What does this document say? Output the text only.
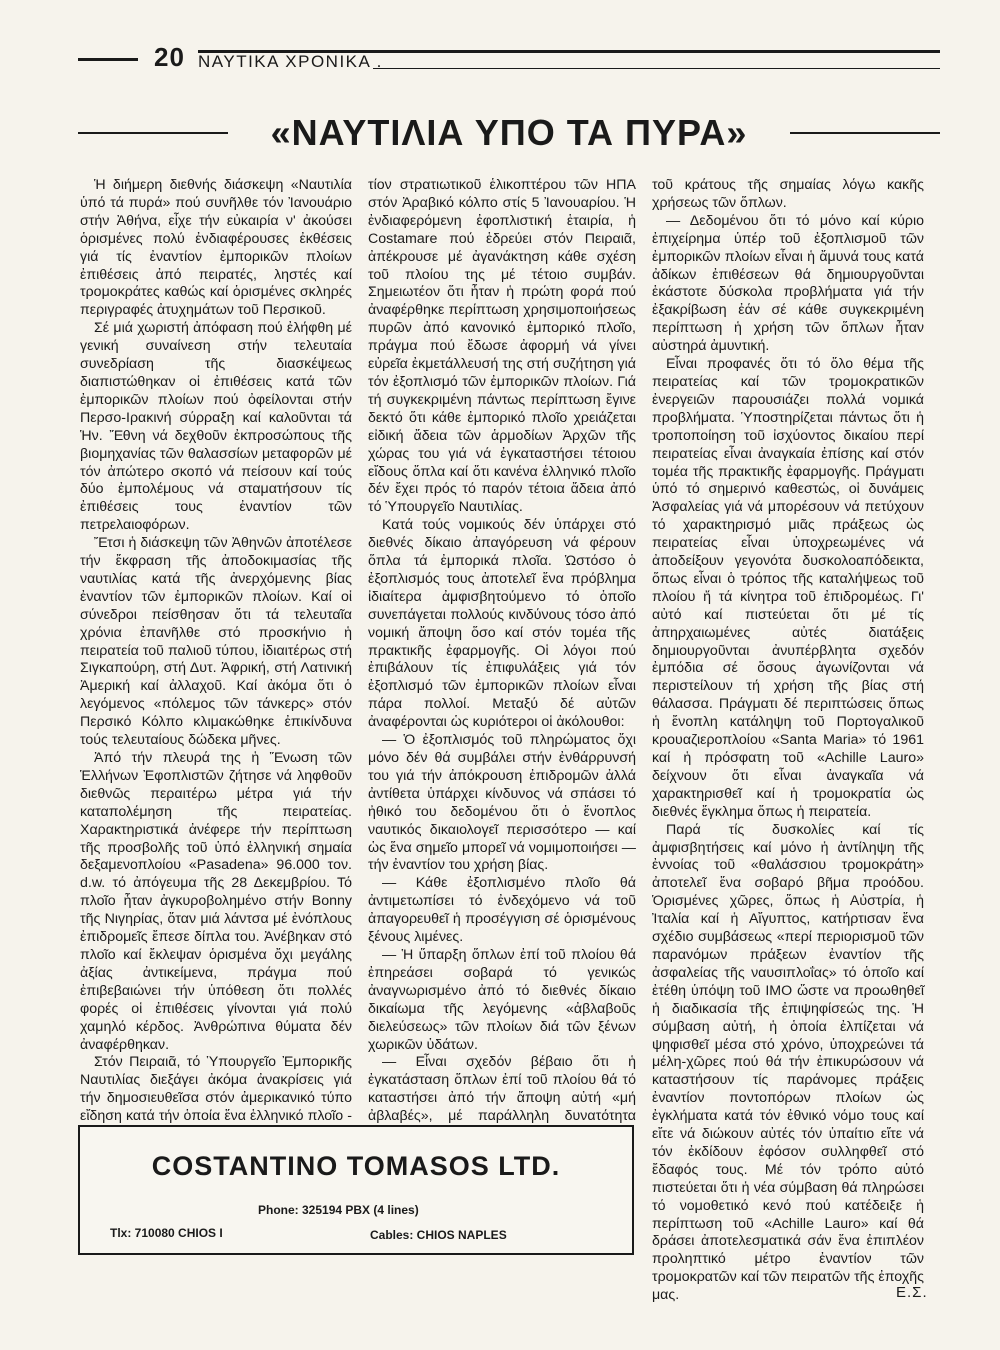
20 ΝΑΥΤΙΚΑ ΧΡΟΝΙΚΑ .
«ΝΑΥΤΙΛΙΑ ΥΠΟ ΤΑ ΠΥΡΑ»

Ἡ διήμερη διεθνής διάσκεψη «Ναυτιλία ὑπό τά πυρά» πού συνῆλθε τόν Ἰανουάριο στήν Ἀθήνα, εἶχε τήν εὐκαιρία ν' ἀκούσει ὁρισμένες πολύ ἐνδιαφέρουσες ἐκθέσεις γιά τίς ἐναντίον ἐμπορικῶν πλοίων ἐπιθέσεις ἀπό πειρατές, ληστές καί τρομοκράτες καθώς καί ὁρισμένες σκληρές περιγραφές ἀτυχημάτων τοῦ Περσικοῦ.

Σέ μιά χωριστή ἀπόφαση πού ἐλήφθη μέ γενική συναίνεση στήν τελευταία συνεδρίαση τῆς διασκέψεως διαπιστώθηκαν οἱ ἐπιθέσεις κατά τῶν ἐμπορικῶν πλοίων πού ὀφείλονται στήν Περσο-Ιρακινή σύρραξη καί καλοῦνται τά Ἡν. Ἔθνη νά δεχθοῦν ἐκπροσώπους τῆς βιομηχανίας τῶν θαλασσίων μεταφορῶν μέ τόν ἀπώτερο σκοπό νά πείσουν καί τούς δύο ἐμπολέμους νά σταματήσουν τίς ἐπιθέσεις τους ἐναντίον τῶν πετρελαιοφόρων.

Ἔτσι ἡ διάσκεψη τῶν Ἀθηνῶν ἀποτέλεσε τήν ἔκφραση τῆς ἀποδοκιμασίας τῆς ναυτιλίας κατά τῆς ἀνερχόμενης βίας ἐναντίον τῶν ἐμπορικῶν πλοίων. Καί οἱ σύνεδροι πείσθησαν ὅτι τά τελευταῖα χρόνια ἐπανῆλθε στό προσκήνιο ἡ πειρατεία τοῦ παλιοῦ τύπου, ἰδιαιτέρως στή Σιγκαπούρη, στή Δυτ. Ἀφρική, στή Λατινική Ἀμερική καί ἀλλαχοῦ. Καί ἀκόμα ὅτι ὁ λεγόμενος «πόλεμος τῶν τάνκερς» στόν Περσικό Κόλπο κλιμακώθηκε ἐπικίνδυνα τούς τελευταίους δώδεκα μῆνες.

Ἀπό τήν πλευρά της ἡ Ἕνωση τῶν Ἑλλήνων Ἐφοπλιστῶν ζήτησε νά ληφθοῦν διεθνῶς περαιτέρω μέτρα γιά τήν καταπολέμηση τῆς πειρατείας. Χαρακτηριστικά ἀνέφερε τήν περίπτωση τῆς προσβολῆς τοῦ ὑπό ἑλληνική σημαία δεξαμενοπλοίου «Pasadena» 96.000 τον. d.w. τό ἀπόγευμα τῆς 28 Δεκεμβρίου. Τό πλοῖο ἦταν ἀγκυροβολημένο στήν Bonny τῆς Νιγηρίας, ὅταν μιά λάντσα μέ ἐνόπλους ἐπιδρομεῖς ἔπεσε δίπλα του. Ἀνέβηκαν στό πλοῖο καί ἔκλεψαν ὁρισμένα ὄχι μεγάλης ἀξίας ἀντικείμενα, πράγμα πού ἐπιβεβαιώνει τήν ὑπόθεση ὅτι πολλές φορές οἱ ἐπιθέσεις γίνονται γιά πολύ χαμηλό κέρδος. Ἀνθρώπινα θύματα δέν ἀναφέρθηκαν.

Στόν Πειραιᾶ, τό Ὑπουργεῖο Ἐμπορικῆς Ναυτιλίας διεξάγει ἀκόμα ἀνακρίσεις γιά τήν δημοσιευθεῖσα στόν ἀμερικανικό τύπο εἴδηση κατά τήν ὁποία ἕνα ἑλληνικό πλοῖο -

τίον στρατιωτικοῦ ἑλικοπτέρου τῶν ΗΠΑ στόν Ἀραβικό κόλπο στίς 5 Ἰανουαρίου. Ἡ ἐνδιαφερόμενη ἐφοπλιστική ἑταιρία, ἡ Costamare πού ἑδρεύει στόν Πειραιᾶ, ἀπέκρουσε μέ ἀγανάκτηση κάθε σχέση τοῦ πλοίου της μέ τέτοιο συμβάν. Σημειωτέον ὅτι ἦταν ἡ πρώτη φορά πού ἀναφέρθηκε περίπτωση χρησιμοποιήσεως πυρῶν ἀπό κανονικό ἐμπορικό πλοῖο, πράγμα πού ἔδωσε ἀφορμή νά γίνει εὐρεῖα ἐκμετάλλευσή της στή συζήτηση γιά τόν ἐξοπλισμό τῶν ἐμπορικῶν πλοίων. Γιά τή συγκεκριμένη πάντως περίπτωση ἔγινε δεκτό ὅτι κάθε ἐμπορικό πλοῖο χρειάζεται εἰδική ἄδεια τῶν ἁρμοδίων Ἀρχῶν τῆς χώρας του γιά νά ἐγκαταστήσει τέτοιου εἴδους ὅπλα καί ὅτι κανένα ἑλληνικό πλοῖο δέν ἔχει πρός τό παρόν τέτοια ἄδεια ἀπό τό Ὑπουργεῖο Ναυτιλίας.

Κατά τούς νομικούς δέν ὑπάρχει στό διεθνές δίκαιο ἀπαγόρευση νά φέρουν ὅπλα τά ἐμπορικά πλοῖα. Ὡστόσο ὁ ἐξοπλισμός τους ἀποτελεῖ ἕνα πρόβλημα ἰδιαίτερα ἀμφισβητούμενο τό ὁποῖο συνεπάγεται πολλούς κινδύνους τόσο ἀπό νομική ἄποψη ὅσο καί στόν τομέα τῆς πρακτικῆς ἐφαρμογῆς. Οἱ λόγοι πού ἐπιβάλουν τίς ἐπιφυλάξεις γιά τόν ἐξοπλισμό τῶν ἐμπορικῶν πλοίων εἶναι πάρα πολλοί. Μεταξύ δέ αὐτῶν ἀναφέρονται ὡς κυριότεροι οἱ ἀκόλουθοι:

— Ὁ ἐξοπλισμός τοῦ πληρώματος ὄχι μόνο δέν θά συμβάλει στήν ἐνθάρρυνσή του γιά τήν ἀπόκρουση ἐπιδρομῶν ἀλλά ἀντίθετα ὑπάρχει κίνδυνος νά σπάσει τό ἠθικό του δεδομένου ὅτι ὁ ἔνοπλος ναυτικός δικαιολογεῖ περισσότερο — καί ὡς ἕνα σημεῖο μπορεῖ νά νομιμοποιήσει — τήν ἐναντίον του χρήση βίας.

— Κάθε ἐξοπλισμένο πλοῖο θά ἀντιμετωπίσει τό ἐνδεχόμενο νά τοῦ ἀπαγορευθεῖ ἡ προσέγγιση σέ ὁρισμένους ξένους λιμένες.

— Ἡ ὕπαρξη ὅπλων ἐπί τοῦ πλοίου θά ἐπηρεάσει σοβαρά τό γενικώς ἀναγνωρισμένο ἀπό τό διεθνές δίκαιο δικαίωμα τῆς λεγόμενης «ἀβλαβοῦς διελεύσεως» τῶν πλοίων διά τῶν ξένων χωρικῶν ὑδάτων.

— Εἶναι σχεδόν βέβαιο ὅτι ἡ ἐγκατάσταση ὅπλων ἐπί τοῦ πλοίου θά τό καταστήσει ἀπό τήν ἄποψη αὐτή «μή ἀβλαβές», μέ παράλληλη δυνατότητα

τοῦ κράτους τῆς σημαίας λόγω κακῆς χρήσεως τῶν ὅπλων.

— Δεδομένου ὅτι τό μόνο καί κύριο ἐπιχείρημα ὑπέρ τοῦ ἐξοπλισμοῦ τῶν ἐμπορικῶν πλοίων εἶναι ἡ ἄμυνά τους κατά ἀδίκων ἐπιθέσεων θά δημιουργοῦνται ἑκάστοτε δύσκολα προβλήματα γιά τήν ἐξακρίβωση ἐάν σέ κάθε συγκεκριμένη περίπτωση ἡ χρήση τῶν ὅπλων ἦταν αὐστηρά ἀμυντική.

Εἶναι προφανές ὅτι τό ὅλο θέμα τῆς πειρατείας καί τῶν τρομοκρατικῶν ἐνεργειῶν παρουσιάζει πολλά νομικά προβλήματα. Ὑποστηρίζεται πάντως ὅτι ἡ τροποποίηση τοῦ ἰσχύοντος δικαίου περί πειρατείας εἶναι ἀναγκαία ἐπίσης καί στόν τομέα τῆς πρακτικῆς ἐφαρμογῆς. Πράγματι ὑπό τό σημερινό καθεστώς, οἱ δυνάμεις Ἀσφαλείας γιά νά μπορέσουν νά πετύχουν τό χαρακτηρισμό μιᾶς πράξεως ὡς πειρατείας εἶναι ὑποχρεωμένες νά ἀποδείξουν γεγονότα δυσκολοαπόδεικτα, ὅπως εἶναι ὁ τρόπος τῆς καταλήψεως τοῦ πλοίου ἤ τά κίνητρα τοῦ ἐπιδρομέως. Γι' αὐτό καί πιστεύεται ὅτι μέ τίς ἀπηρχαιωμένες αὐτές διατάξεις δημιουργοῦνται ἀνυπέρβλητα σχεδόν ἐμπόδια σέ ὅσους ἀγωνίζονται νά περιστείλουν τή χρήση τῆς βίας στή θάλασσα. Πράγματι δέ περιπτώσεις ὅπως ἡ ἔνοπλη κατάληψη τοῦ Πορτογαλικοῦ κρουαζιεροπλοίου «Santa Maria» τό 1961 καί ἡ πρόσφατη τοῦ «Achille Lauro» δείχνουν ὅτι εἶναι ἀναγκαῖα νά χαρακτηρισθεῖ καί ἡ τρομοκρατία ὡς διεθνές ἔγκλημα ὅπως ἡ πειρατεία.

Παρά τίς δυσκολίες καί τίς ἀμφισβητήσεις καί μόνο ἡ ἀντίληψη τῆς ἐννοίας τοῦ «θαλάσσιου τρομοκράτη» ἀποτελεῖ ἕνα σοβαρό βῆμα προόδου. Ὁρισμένες χῶρες, ὅπως ἡ Αὐστρία, ἡ Ἰταλία καί ἡ Αἴγυπτος, κατήρτισαν ἕνα σχέδιο συμβάσεως «περί περιορισμοῦ τῶν παρανόμων πράξεων ἐναντίον τῆς ἀσφαλείας τῆς ναυσιπλοΐας» τό ὁποῖο καί ἐτέθη ὑπόψη τοῦ ΙΜΟ ὥστε να προωθηθεῖ ἡ διαδικασία τῆς ἐπιψηφίσεώς της. Ἡ σύμβαση αὐτή, ἡ ὁποία ἐλπίζεται νά ψηφισθεῖ μέσα στό χρόνο, ὑποχρεώνει τά μέλη-χῶρες πού θά τήν ἐπικυρώσουν νά καταστήσουν τίς παράνομες πράξεις ἐναντίον ποντοπόρων πλοίων ὡς ἐγκλήματα κατά τόν ἐθνικό νόμο τους καί εἴτε νά διώκουν αὐτές τόν ὑπαίτιο εἴτε νά τόν ἐκδίδουν ἐφόσον συλληφθεῖ στό ἔδαφός τους. Μέ τόν τρόπο αὐτό πιστεύεται ὅτι ἡ νέα σύμβαση θά πληρώσει τό νομοθετικό κενό πού κατέδειξε ἡ περίπτωση τοῦ «Achille Lauro» καί θά δράσει ἀποτελεσματικά σάν ἕνα ἐπιπλέον προληπτικό μέτρο ἐναντίον τῶν τρομοκρατῶν καί τῶν πειρατῶν τῆς ἐποχῆς μας.

COSTANTINO TOMASOS LTD.
Phone: 325194 PBX (4 lines)
Tlx: 710080 CHIOS I	Cables: CHIOS NAPLES
Ε.Σ.
